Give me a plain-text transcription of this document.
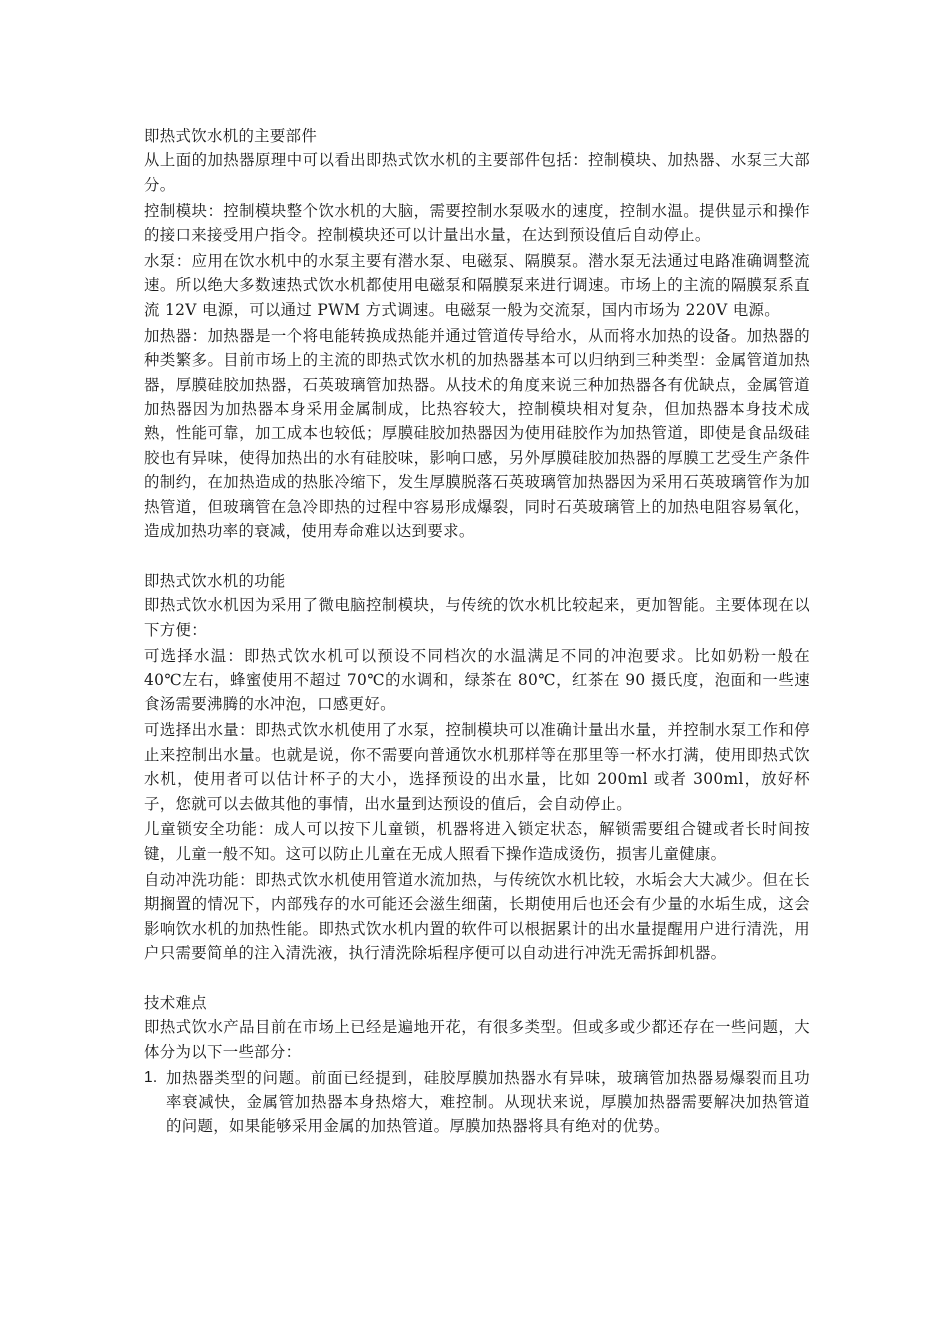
即热式饮水机的主要部件

从上面的加热器原理中可以看出即热式饮水机的主要部件包括：控制模块、加热器、水泵三大部分。

控制模块：控制模块整个饮水机的大脑，需要控制水泵吸水的速度，控制水温。提供显示和操作的接口来接受用户指令。控制模块还可以计量出水量，在达到预设值后自动停止。

水泵：应用在饮水机中的水泵主要有潜水泵、电磁泵、隔膜泵。潜水泵无法通过电路准确调整流速。所以绝大多数速热式饮水机都使用电磁泵和隔膜泵来进行调速。市场上的主流的隔膜泵系直流 12V 电源，可以通过 PWM 方式调速。电磁泵一般为交流泵，国内市场为 220V 电源。

加热器：加热器是一个将电能转换成热能并通过管道传导给水，从而将水加热的设备。加热器的种类繁多。目前市场上的主流的即热式饮水机的加热器基本可以归纳到三种类型：金属管道加热器，厚膜硅胶加热器，石英玻璃管加热器。从技术的角度来说三种加热器各有优缺点，金属管道加热器因为加热器本身采用金属制成，比热容较大，控制模块相对复杂，但加热器本身技术成熟，性能可靠，加工成本也较低；厚膜硅胶加热器因为使用硅胶作为加热管道，即使是食品级硅胶也有异味，使得加热出的水有硅胶味，影响口感，另外厚膜硅胶加热器的厚膜工艺受生产条件的制约，在加热造成的热胀冷缩下，发生厚膜脱落石英玻璃管加热器因为采用石英玻璃管作为加热管道，但玻璃管在急冷即热的过程中容易形成爆裂，同时石英玻璃管上的加热电阻容易氧化，造成加热功率的衰减，使用寿命难以达到要求。

即热式饮水机的功能

即热式饮水机因为采用了微电脑控制模块，与传统的饮水机比较起来，更加智能。主要体现在以下方便：

可选择水温：即热式饮水机可以预设不同档次的水温满足不同的冲泡要求。比如奶粉一般在 40℃左右，蜂蜜使用不超过 70℃的水调和，绿茶在 80℃，红茶在 90 摄氏度，泡面和一些速食汤需要沸腾的水冲泡，口感更好。

可选择出水量：即热式饮水机使用了水泵，控制模块可以准确计量出水量，并控制水泵工作和停止来控制出水量。也就是说，你不需要向普通饮水机那样等在那里等一杯水打满，使用即热式饮水机，使用者可以估计杯子的大小，选择预设的出水量，比如 200ml 或者 300ml，放好杯子，您就可以去做其他的事情，出水量到达预设的值后，会自动停止。

儿童锁安全功能：成人可以按下儿童锁，机器将进入锁定状态，解锁需要组合键或者长时间按键，儿童一般不知。这可以防止儿童在无成人照看下操作造成烫伤，损害儿童健康。

自动冲洗功能：即热式饮水机使用管道水流加热，与传统饮水机比较，水垢会大大减少。但在长期搁置的情况下，内部残存的水可能还会滋生细菌，长期使用后也还会有少量的水垢生成，这会影响饮水机的加热性能。即热式饮水机内置的软件可以根据累计的出水量提醒用户进行清洗，用户只需要简单的注入清洗液，执行清洗除垢程序便可以自动进行冲洗无需拆卸机器。

技术难点

即热式饮水产品目前在市场上已经是遍地开花，有很多类型。但或多或少都还存在一些问题，大体分为以下一些部分：

1. 加热器类型的问题。前面已经提到，硅胶厚膜加热器水有异味，玻璃管加热器易爆裂而且功率衰减快，金属管加热器本身热熔大，难控制。从现状来说，厚膜加热器需要解决加热管道的问题，如果能够采用金属的加热管道。厚膜加热器将具有绝对的优势。
